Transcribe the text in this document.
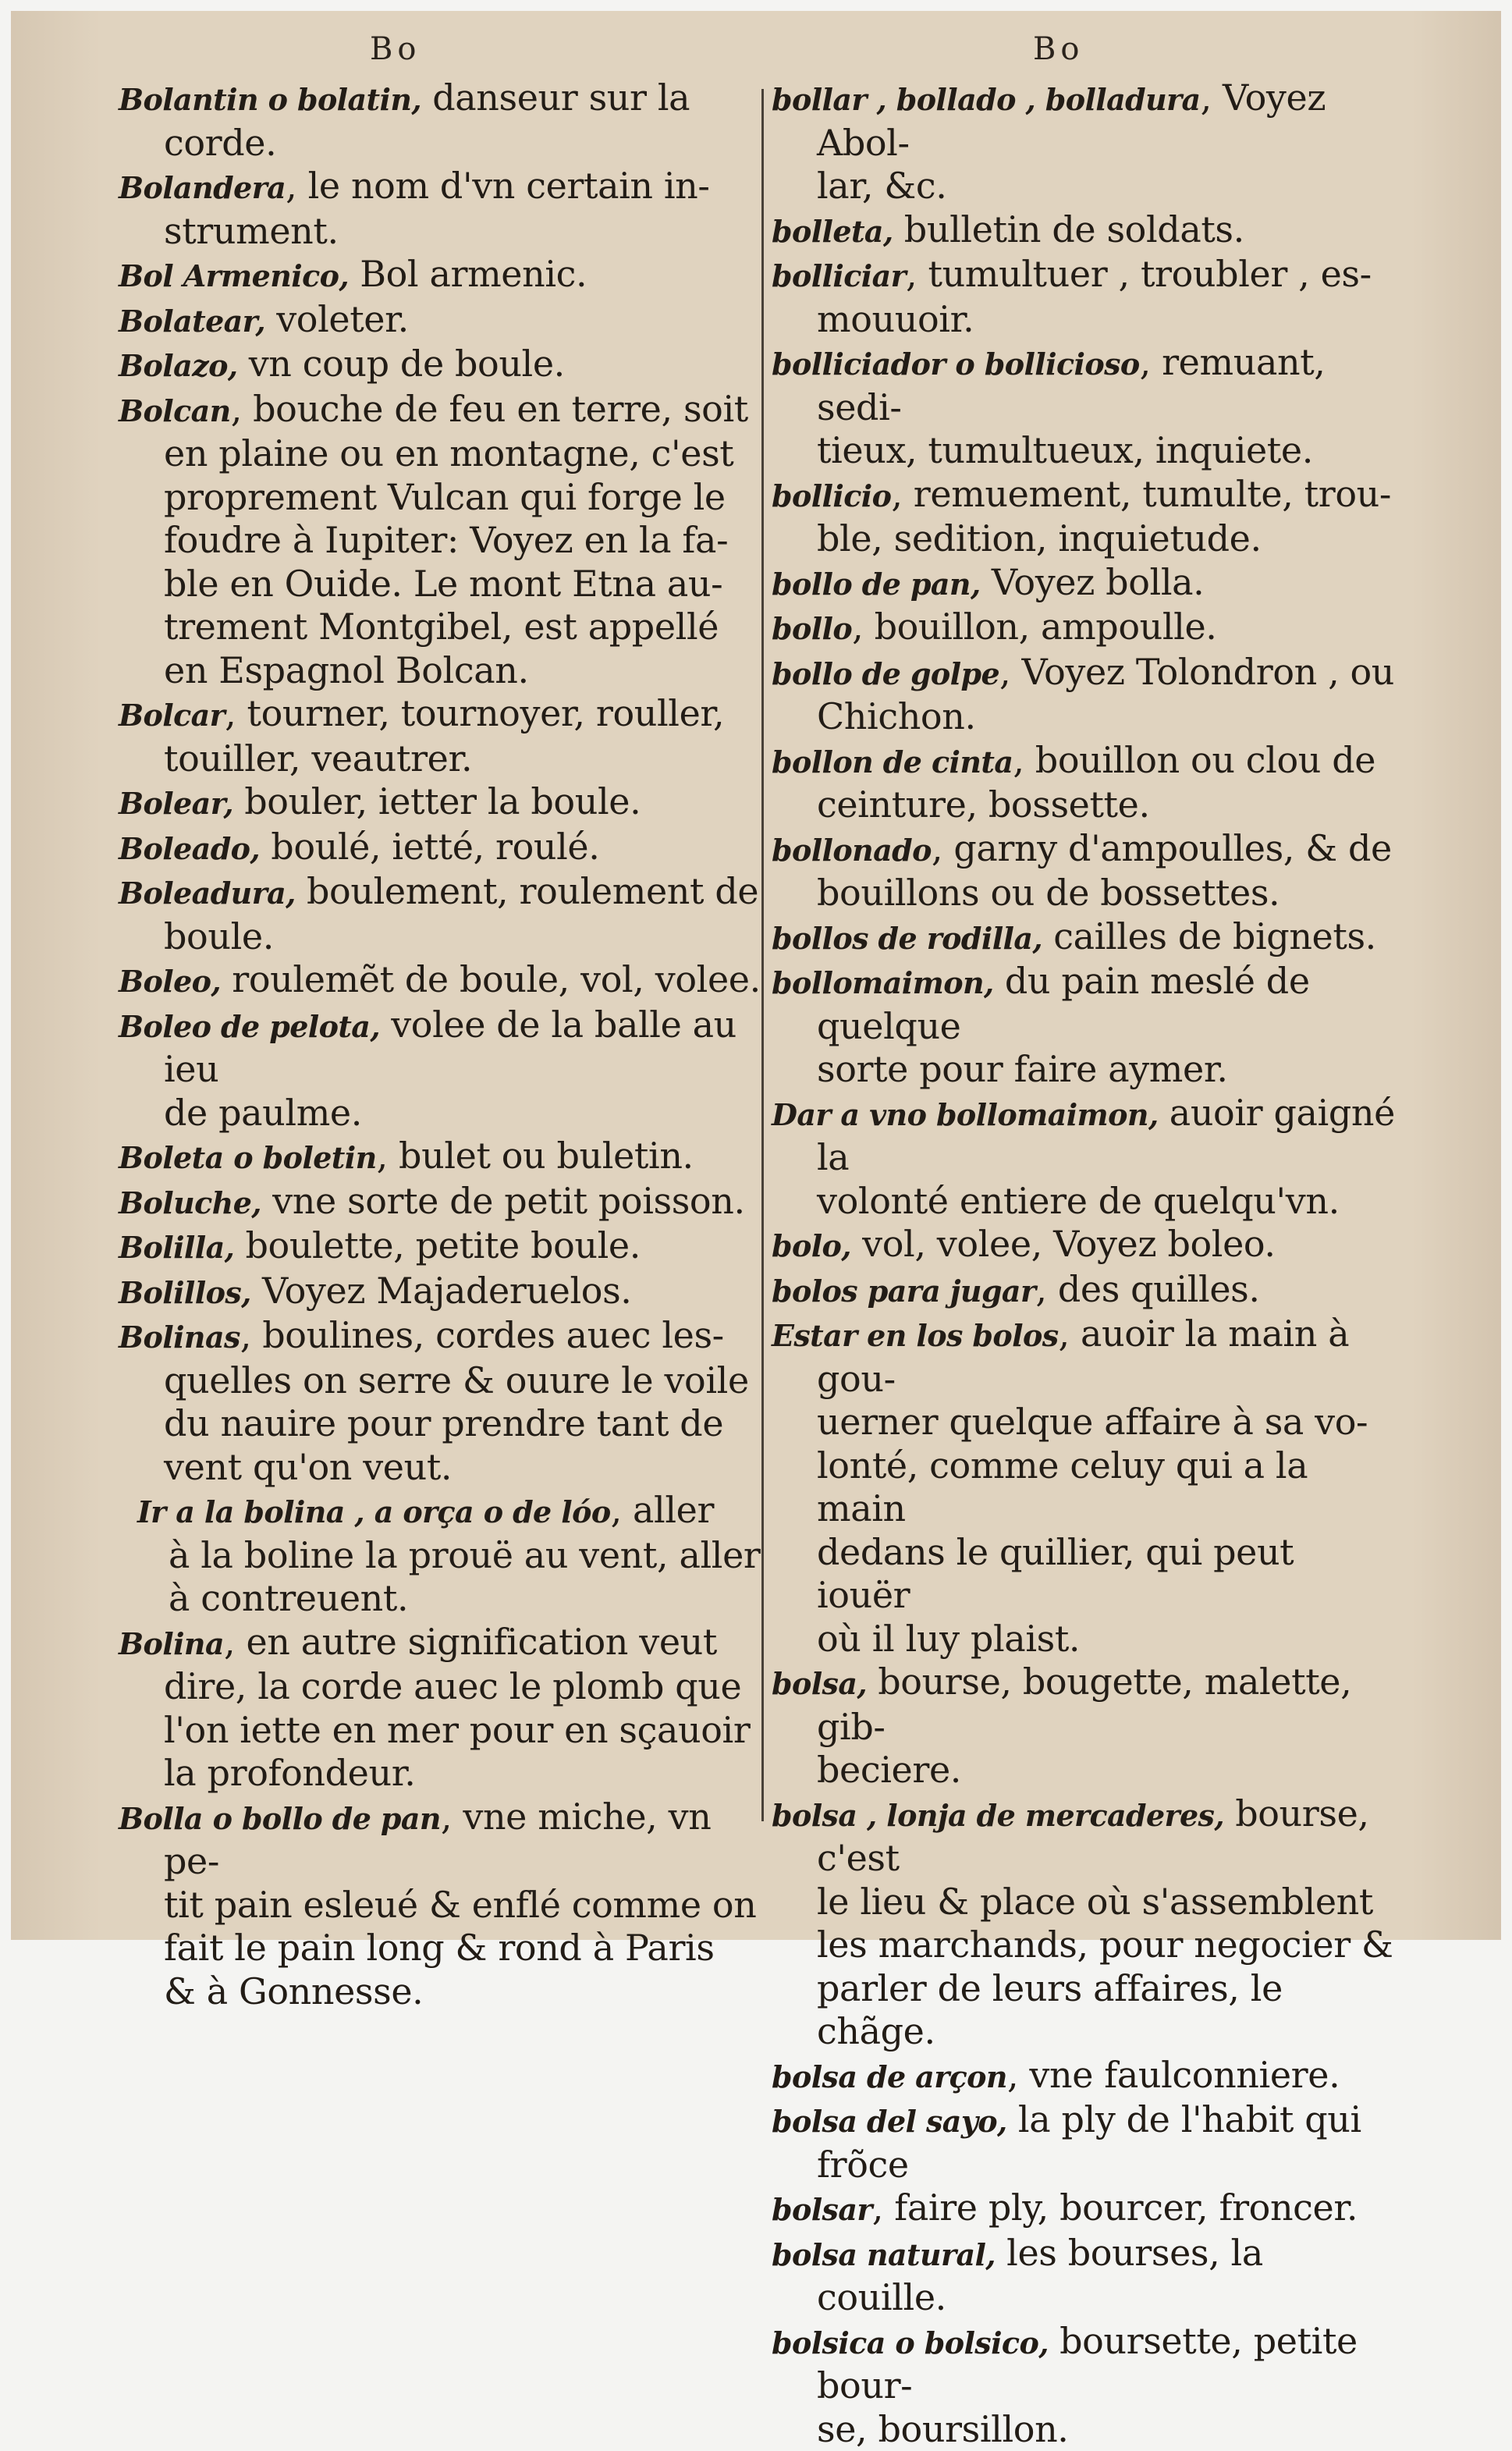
Bo	Bo
Bolantin o bolatin, danseur sur la corde.
Bolandera, le nom d'vn certain in-
strument.
Bol Armenico, Bol armenic.
Bolatear, voleter.
Bolazo, vn coup de boule.
Bolcan, bouche de feu en terre, soit
en plaine ou en montagne, c'est
proprement Vulcan qui forge le
foudre à Iupiter: Voyez en la fa-
ble en Ouide. Le mont Etna au-
trement Montgibel, est appellé
en Espagnol Bolcan.
Bolcar, tourner, tournoyer, rouller,
touiller, veautrer.
Bolear, bouler, ietter la boule.
Boleado, boulé, ietté, roulé.
Boleadura, boulement, roulement de
boule.
Boleo, roulemẽt de boule, vol, volee.
Boleo de pelota, volee de la balle au ieu
de paulme.
Boleta o boletin, bulet ou buletin.
Boluche, vne sorte de petit poisson.
Bolilla, boulette, petite boule.
Bolillos, Voyez Majaderuelos.
Bolinas, boulines, cordes auec les-
quelles on serre & ouure le voile
du nauire pour prendre tant de
vent qu'on veut.
Ir a la bolina , a orça o de lóo, aller
à la boline la prouë au vent, aller
à contreuent.
Bolina, en autre signification veut
dire, la corde auec le plomb que
l'on iette en mer pour en sçauoir
la profondeur.
Bolla o bollo de pan, vne miche, vn pe-
tit pain esleué & enflé comme on
fait le pain long & rond à Paris
& à Gonnesse.
bollar , bollado , bolladura, Voyez Abol-
lar, &c.
bolleta, bulletin de soldats.
bolliciar, tumultuer , troubler , es-
mouuoir.
bolliciador o bollicioso, remuant, sedi-
tieux, tumultueux, inquiete.
bollicio, remuement, tumulte, trou-
ble, sedition, inquietude.
bollo de pan, Voyez bolla.
bollo, bouillon, ampoulle.
bollo de golpe, Voyez Tolondron , ou
Chichon.
bollon de cinta, bouillon ou clou de
ceinture, bossette.
bollonado, garny d'ampoulles, & de
bouillons ou de bossettes.
bollos de rodilla, cailles de bignets.
bollomaimon, du pain meslé de quelque
sorte pour faire aymer.
Dar a vno bollomaimon, auoir gaigné la
volonté entiere de quelqu'vn.
bolo, vol, volee, Voyez boleo.
bolos para jugar, des quilles.
Estar en los bolos, auoir la main à gou-
uerner quelque affaire à sa vo-
lonté, comme celuy qui a la main
dedans le quillier, qui peut iouër
où il luy plaist.
bolsa, bourse, bougette, malette, gib-
beciere.
bolsa , lonja de mercaderes, bourse, c'est
le lieu & place où s'assemblent
les marchands, pour negocier &
parler de leurs affaires, le chãge.
bolsa de arçon, vne faulconniere.
bolsa del sayo, la ply de l'habit qui frõce
bolsar, faire ply, bourcer, froncer.
bolsa natural, les bourses, la couille.
bolsica o bolsico, boursette, petite bour-
se, boursillon.
